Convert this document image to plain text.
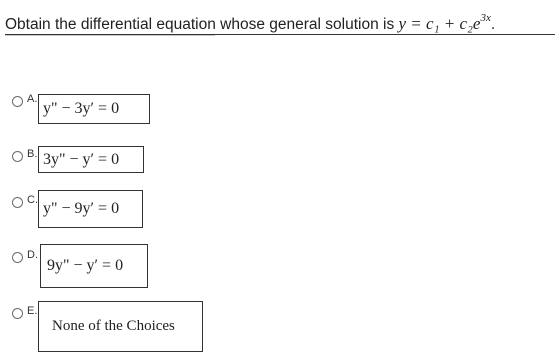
Obtain the differential equation whose general solution is $y = c_1 + c_2e^{3x}$.
A.
y" − 3y′ = 0
B. 3y" − y′ = 0
C. y" − 9y′ = 0
D.
9y" − y′ = 0
E.
None of the Choices
